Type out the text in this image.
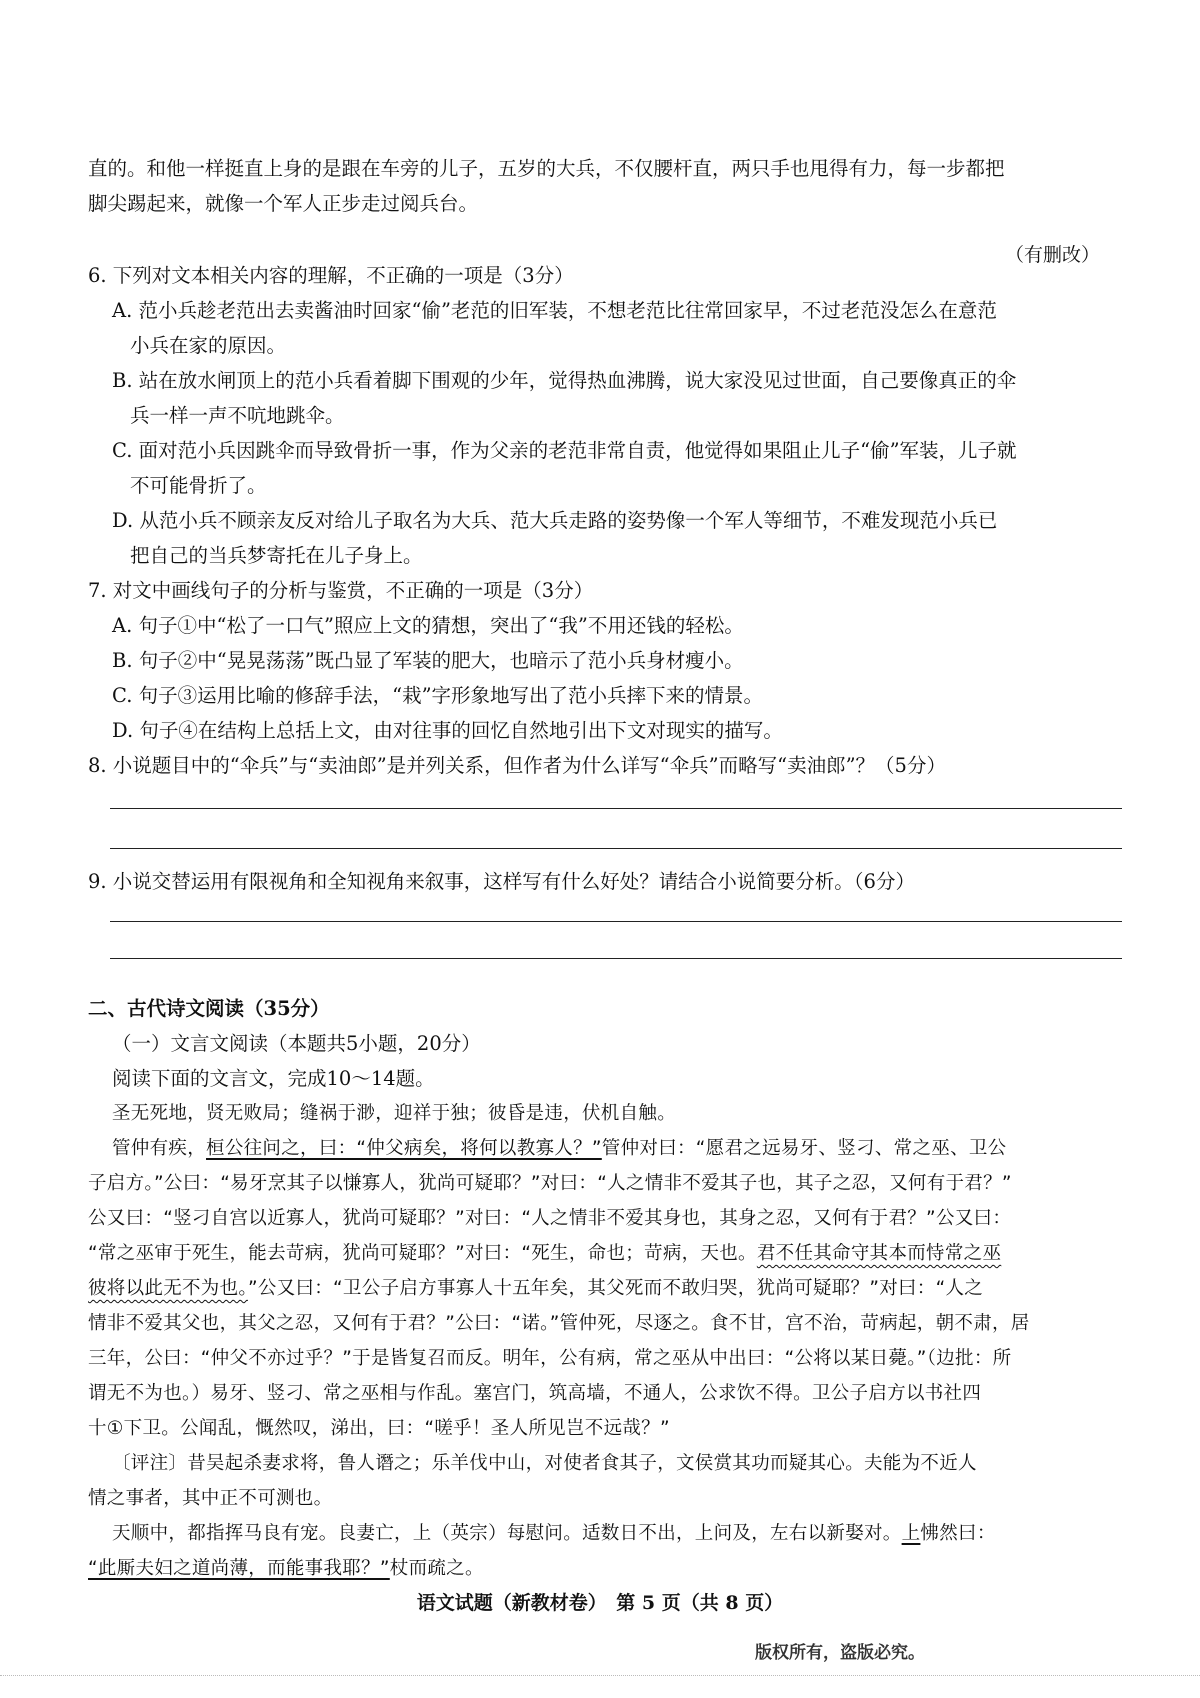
直的。和他一样挺直上身的是跟在车旁的儿子，五岁的大兵，不仅腰杆直，两只手也甩得有力，每一步都把
脚尖踢起来，就像一个军人正步走过阅兵台。
（有删改）
6. 下列对文本相关内容的理解，不正确的一项是（3分）
A. 范小兵趁老范出去卖酱油时回家“偷”老范的旧军装，不想老范比往常回家早，不过老范没怎么在意范
小兵在家的原因。
B. 站在放水闸顶上的范小兵看着脚下围观的少年，觉得热血沸腾，说大家没见过世面，自己要像真正的伞
兵一样一声不吭地跳伞。
C. 面对范小兵因跳伞而导致骨折一事，作为父亲的老范非常自责，他觉得如果阻止儿子“偷”军装，儿子就
不可能骨折了。
D. 从范小兵不顾亲友反对给儿子取名为大兵、范大兵走路的姿势像一个军人等细节，不难发现范小兵已
把自己的当兵梦寄托在儿子身上。
7. 对文中画线句子的分析与鉴赏，不正确的一项是（3分）
A. 句子①中“松了一口气”照应上文的猜想，突出了“我”不用还钱的轻松。
B. 句子②中“晃晃荡荡”既凸显了军装的肥大，也暗示了范小兵身材瘦小。
C. 句子③运用比喻的修辞手法，“栽”字形象地写出了范小兵摔下来的情景。
D. 句子④在结构上总括上文，由对往事的回忆自然地引出下文对现实的描写。
8. 小说题目中的“伞兵”与“卖油郎”是并列关系，但作者为什么详写“伞兵”而略写“卖油郎”？（5分）
9. 小说交替运用有限视角和全知视角来叙事，这样写有什么好处？请结合小说简要分析。（6分）
二、古代诗文阅读（35分）
（一）文言文阅读（本题共5小题，20分）
阅读下面的文言文，完成10～14题。
圣无死地，贤无败局；缝祸于渺，迎祥于独；彼昏是违，伏机自触。
管仲有疾，桓公往问之，曰：“仲父病矣，将何以教寡人？”管仲对曰：“愿君之远易牙、竖刁、常之巫、卫公
子启方。”公曰：“易牙烹其子以慊寡人，犹尚可疑耶？”对曰：“人之情非不爱其子也，其子之忍，又何有于君？”
公又曰：“竖刁自宫以近寡人，犹尚可疑耶？”对曰：“人之情非不爱其身也，其身之忍，又何有于君？”公又曰：
“常之巫审于死生，能去苛病，犹尚可疑耶？”对曰：“死生，命也；苛病，天也。君不任其命守其本而恃常之巫
彼将以此无不为也。”公又曰：“卫公子启方事寡人十五年矣，其父死而不敢归哭，犹尚可疑耶？”对曰：“人之
情非不爱其父也，其父之忍，又何有于君？”公曰：“诺。”管仲死，尽逐之。食不甘，宫不治，苛病起，朝不肃，居
三年，公曰：“仲父不亦过乎？”于是皆复召而反。明年，公有病，常之巫从中出曰：“公将以某日薨。”（边批：所
谓无不为也。）易牙、竖刁、常之巫相与作乱。塞宫门，筑高墙，不通人，公求饮不得。卫公子启方以书社四
十①下卫。公闻乱，慨然叹，涕出，曰：“嗟乎！圣人所见岂不远哉？”
〔评注〕昔吴起杀妻求将，鲁人谮之；乐羊伐中山，对使者食其子，文侯赏其功而疑其心。夫能为不近人
情之事者，其中正不可测也。
天顺中，都指挥马良有宠。良妻亡，上（英宗）每慰问。适数日不出，上问及，左右以新娶对。上怫然曰：
“此厮夫妇之道尚薄，而能事我耶？”杖而疏之。
语文试题（新教材卷）　第 5 页（共 8 页）
版权所有，盗版必究。
